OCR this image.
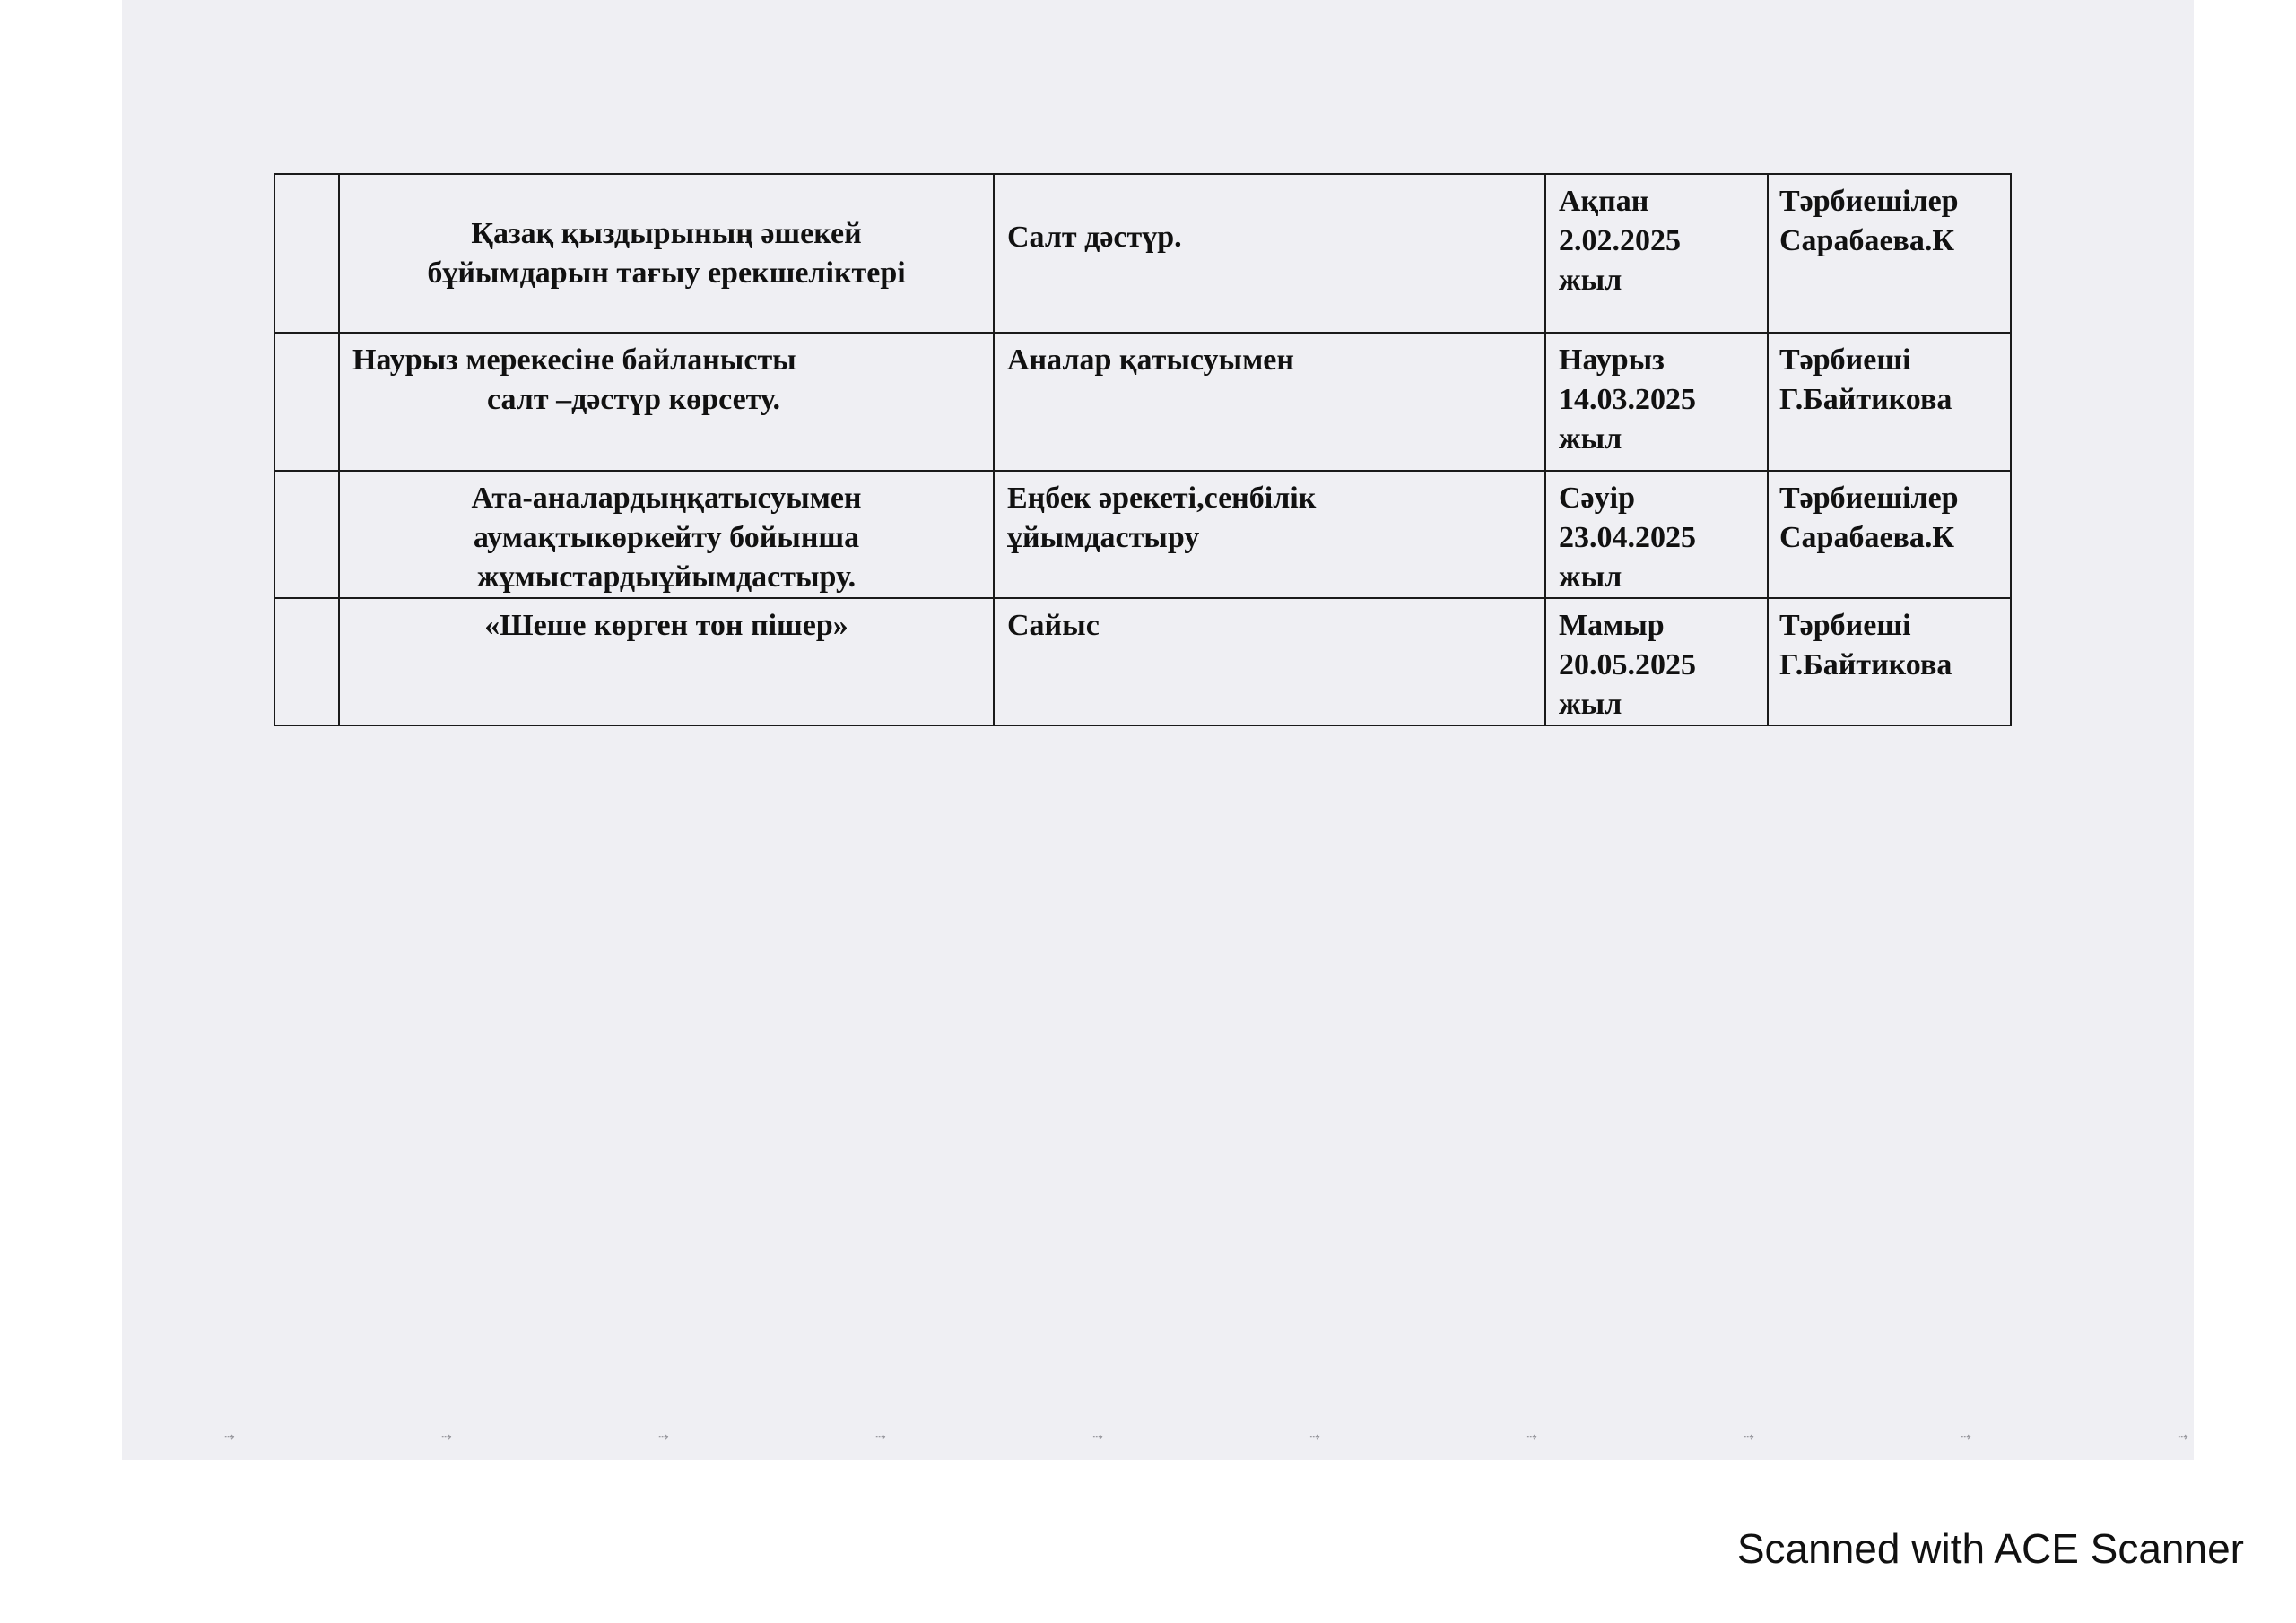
	Қазақ қыздырының әшекей
бұйымдарын тағыу ерекшеліктері	Салт дәстүр.	Ақпан
2.02.2025
жыл	Тәрбиешілер
Сарабаева.К

	Наурыз мерекесіне байланысты
салт –дәстүр көрсету.	Аналар қатысуымен	Наурыз
14.03.2025
жыл	Тәрбиеші
Г.Байтикова

	Ата-аналардыңқатысуымен
аумақтыкөркейту бойынша
жұмыстардыұйымдастыру.	Еңбек әрекеті,сенбілік
ұйымдастыру	Сәуір
23.04.2025
жыл	Тәрбиешілер
Сарабаева.К

	«Шеше көрген тон пішер»	Сайыс	Мамыр
20.05.2025
жыл	Тәрбиеші
Г.Байтикова
⇢	⇢	⇢	⇢	⇢	⇢	⇢	⇢	⇢	⇢
Scanned with ACE Scanner
